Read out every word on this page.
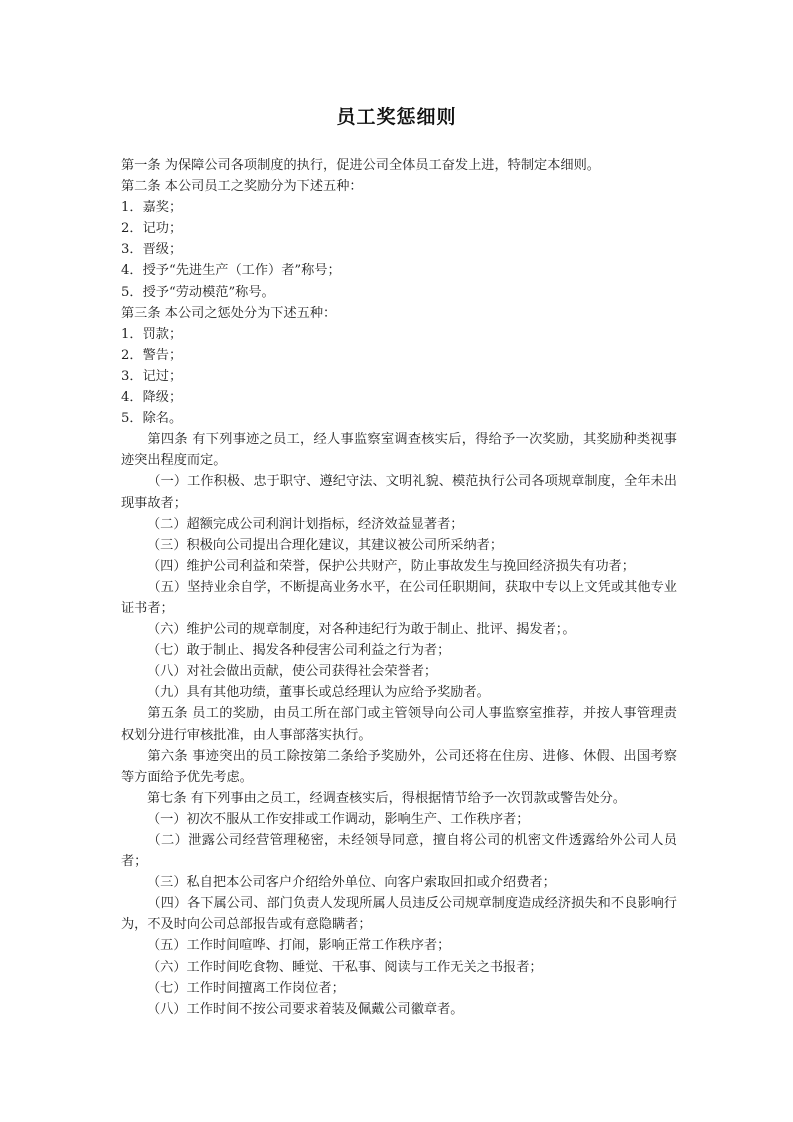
员工奖惩细则
第一条 为保障公司各项制度的执行，促进公司全体员工奋发上进，特制定本细则。
第二条 本公司员工之奖励分为下述五种：
1．嘉奖；
2．记功；
3．晋级；
4．授予“先进生产（工作）者”称号；
5．授予“劳动模范”称号。
第三条 本公司之惩处分为下述五种：
1．罚款；
2．警告；
3．记过；
4．降级；
5．除名。
第四条 有下列事迹之员工，经人事监察室调查核实后，得给予一次奖励，其奖励种类视事迹突出程度而定。
（一）工作积极、忠于职守、遵纪守法、文明礼貌、模范执行公司各项规章制度，全年未出现事故者；
（二）超额完成公司利润计划指标，经济效益显著者；
（三）积极向公司提出合理化建议，其建议被公司所采纳者；
（四）维护公司利益和荣誉，保护公共财产，防止事故发生与挽回经济损失有功者；
（五）坚持业余自学，不断提高业务水平，在公司任职期间，获取中专以上文凭或其他专业证书者；
（六）维护公司的规章制度，对各种违纪行为敢于制止、批评、揭发者；。
（七）敢于制止、揭发各种侵害公司利益之行为者；
（八）对社会做出贡献，使公司获得社会荣誉者；
（九）具有其他功绩，董事长或总经理认为应给予奖励者。
第五条 员工的奖励，由员工所在部门或主管领导向公司人事监察室推荐，并按人事管理责权划分进行审核批准，由人事部落实执行。
第六条 事迹突出的员工除按第二条给予奖励外，公司还将在住房、进修、休假、出国考察等方面给予优先考虑。
第七条 有下列事由之员工，经调查核实后，得根据情节给予一次罚款或警告处分。
（一）初次不服从工作安排或工作调动，影响生产、工作秩序者；
（二）泄露公司经营管理秘密，未经领导同意，擅自将公司的机密文件透露给外公司人员者；
（三）私自把本公司客户介绍给外单位、向客户索取回扣或介绍费者；
（四）各下属公司、部门负责人发现所属人员违反公司规章制度造成经济损失和不良影响行为，不及时向公司总部报告或有意隐瞒者；
（五）工作时间喧哗、打闹，影响正常工作秩序者；
（六）工作时间吃食物、睡觉、干私事、阅读与工作无关之书报者；
（七）工作时间擅离工作岗位者；
（八）工作时间不按公司要求着装及佩戴公司徽章者。
